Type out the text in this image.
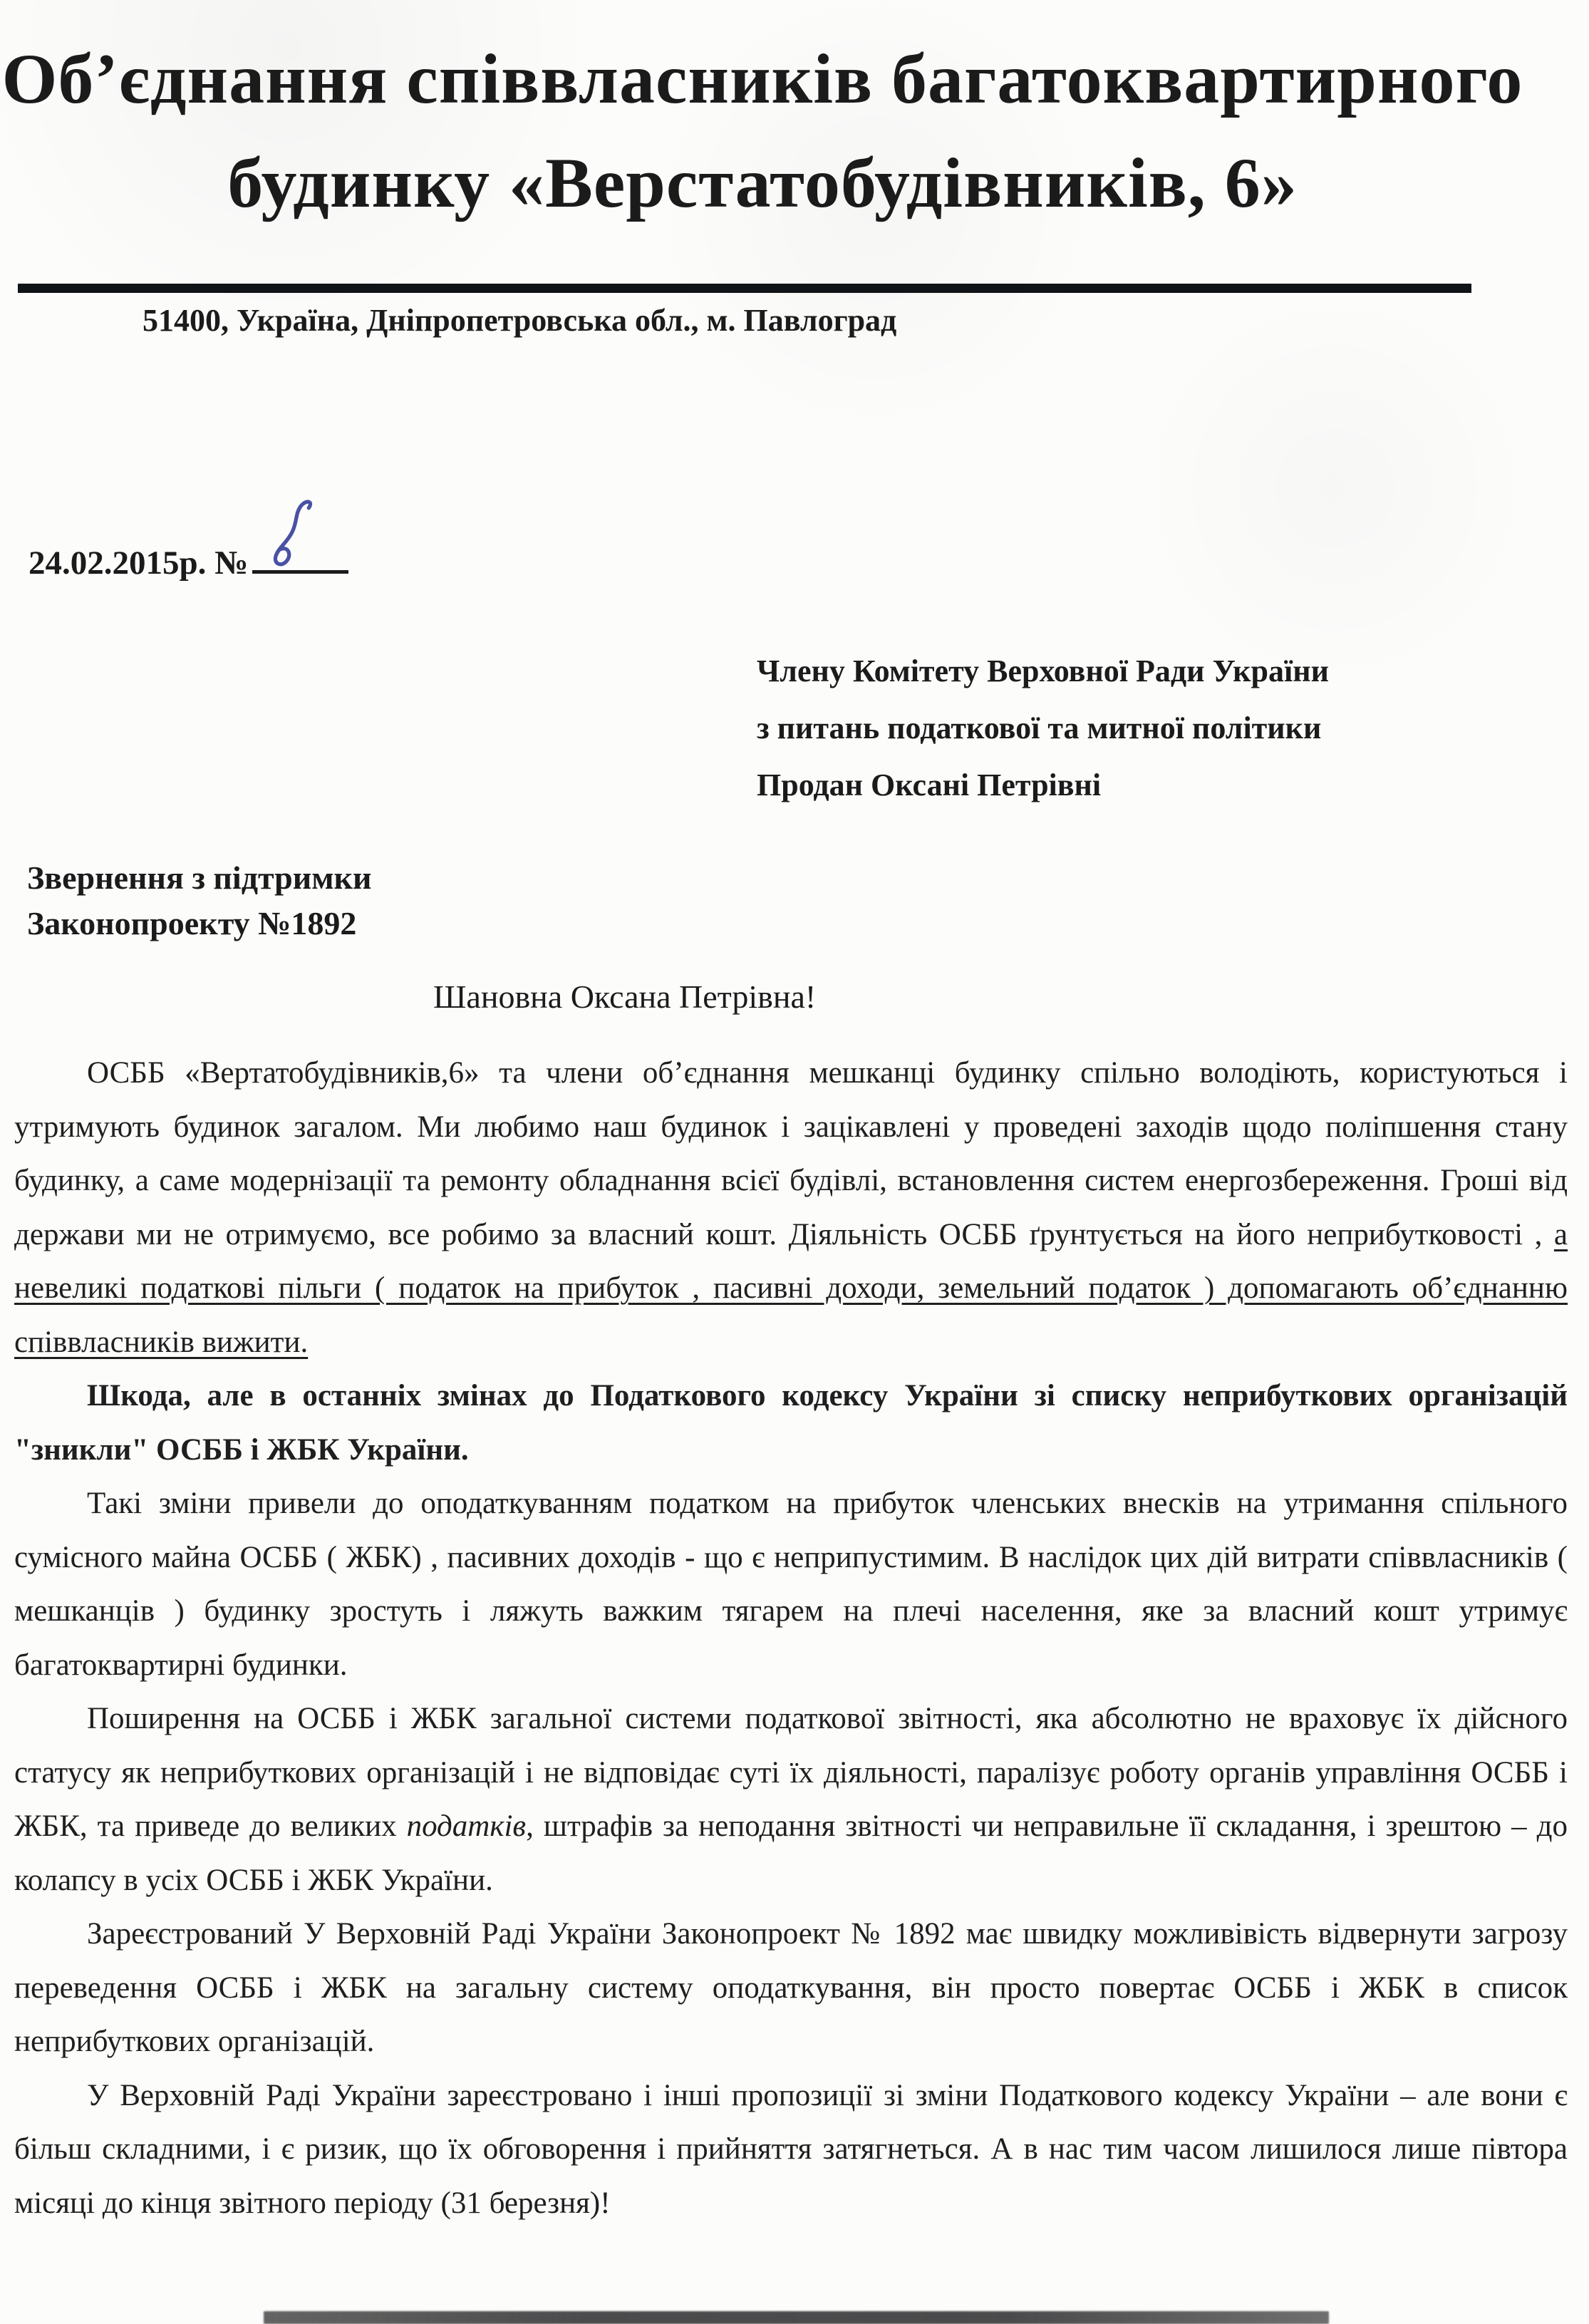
Об’єднання співвласників багатоквартирного
будинку «Верстатобудівників, 6»
51400, Україна, Дніпропетровська обл., м. Павлоград
24.02.2015р. №
Члену Комітету Верховної Ради України
з питань податкової та митної політики
Продан Оксані Петрівні
Звернення з підтримки
Законопроекту №1892
Шановна Оксана Петрівна!

ОСББ «Вертатобудівників,6» та члени об’єднання мешканці будинку спільно володіють, користуються і утримують будинок загалом. Ми любимо наш будинок і зацікавлені у проведені заходів щодо поліпшення стану будинку, а саме модернізації та ремонту обладнання всієї будівлі, встановлення систем енергозбереження. Гроші від держави ми не отримуємо, все робимо за власний кошт. Діяльність ОСББ ґрунтується на його неприбутковості , а невеликі податкові пільги ( податок на прибуток , пасивні доходи, земельний податок ) допомагають об’єднанню співвласників вижити.

Шкода, але в останніх змінах до Податкового кодексу України зі списку неприбуткових організацій "зникли" ОСББ і ЖБК України.

Такі зміни привели до оподаткуванням податком на прибуток членських внесків на утримання спільного сумісного майна ОСББ ( ЖБК) , пасивних доходів - що є неприпустимим. В наслідок цих дій витрати співвласників ( мешканців ) будинку зростуть і ляжуть важким тягарем на плечі населення, яке за власний кошт утримує багатоквартирні будинки.

Поширення на ОСББ і ЖБК загальної системи податкової звітності, яка абсолютно не враховує їх дійсного статусу як неприбуткових організацій і не відповідає суті їх діяльності, паралізує роботу органів управління ОСББ і ЖБК, та приведе до великих податків, штрафів за неподання звітності чи неправильне її складання, і зрештою – до колапсу в усіх ОСББ і ЖБК України.

Зареєстрований У Верховній Раді України Законопроект № 1892 має швидку можливівість відвернути загрозу переведення ОСББ і ЖБК на загальну систему оподаткування, він просто повертає ОСББ і ЖБК в список неприбуткових організацій.

У Верховній Раді України зареєстровано і інші пропозиції зі зміни Податкового кодексу України – але вони є більш складними, і є ризик, що їх обговорення і прийняття затягнеться. А в нас тим часом лишилося лише півтора місяці до кінця звітного періоду (31 березня)!
